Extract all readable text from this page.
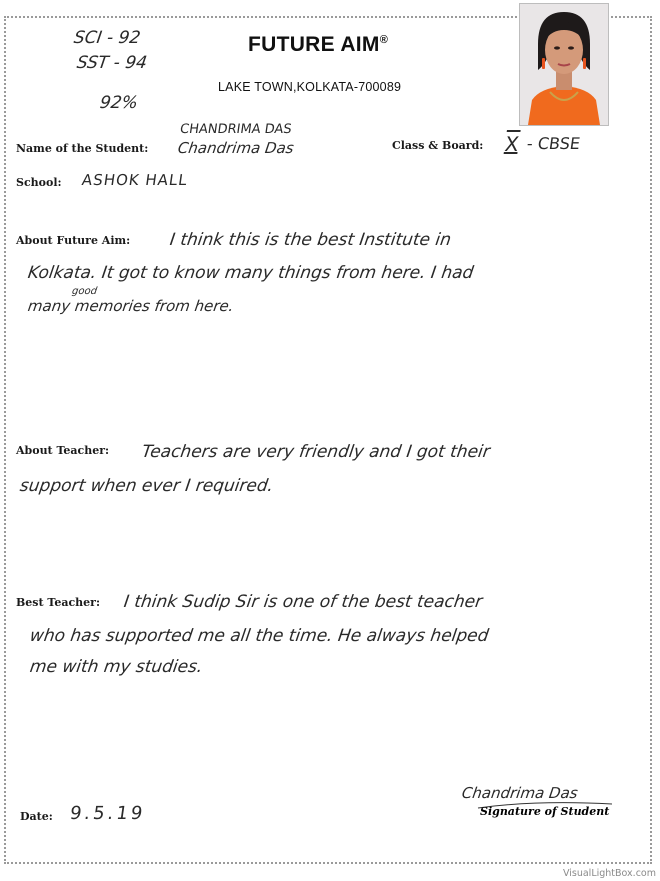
SCI - 92
SST - 94
92%
FUTURE AIM®
LAKE TOWN,KOLKATA-700089
CHANDRIMA DAS
Name of the Student: Chandrima Das	Class & Board: X - CBSE
School: ASHOK HALL
About Future Aim: I think this is the best Institute in
Kolkata. It got to know many things from here. I had
good
many memories from here.
About Teacher: Teachers are very friendly and I got their
support when ever I required.
Best Teacher: I think Sudip Sir is one of the best teacher
who has supported me all the time. He always helped
me with my studies.
Date: 9.5.19
Chandrima Das
Signature of Student
VisualLightBox.com
